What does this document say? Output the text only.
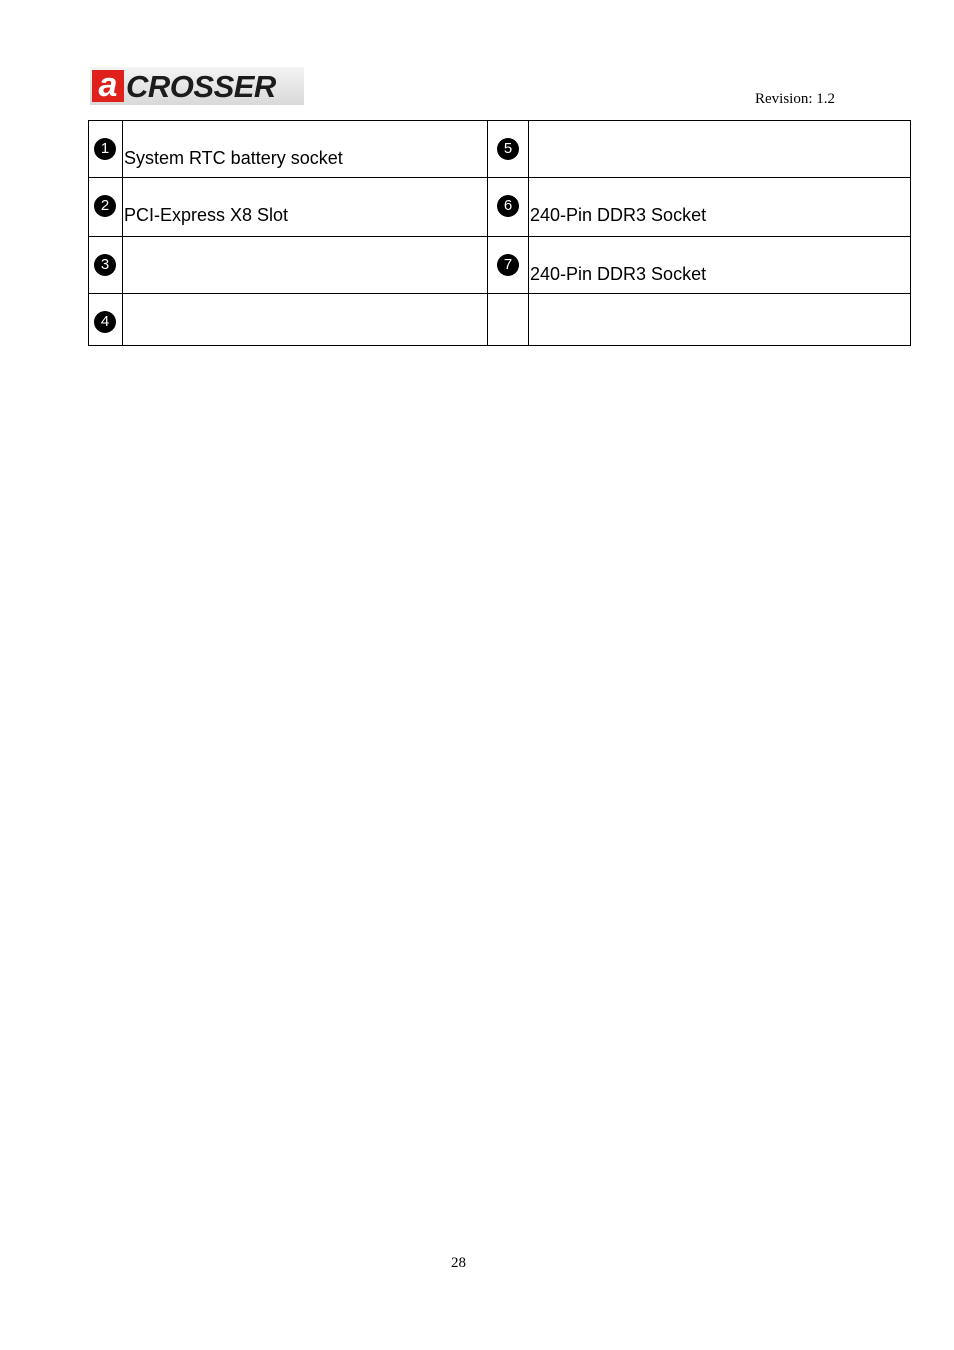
a CROSSER	Revision: 1.2
1	System RTC battery socket	5	

2	PCI-Express X8 Slot	6	240-Pin DDR3 Socket

3		7	240-Pin DDR3 Socket

4	

28
